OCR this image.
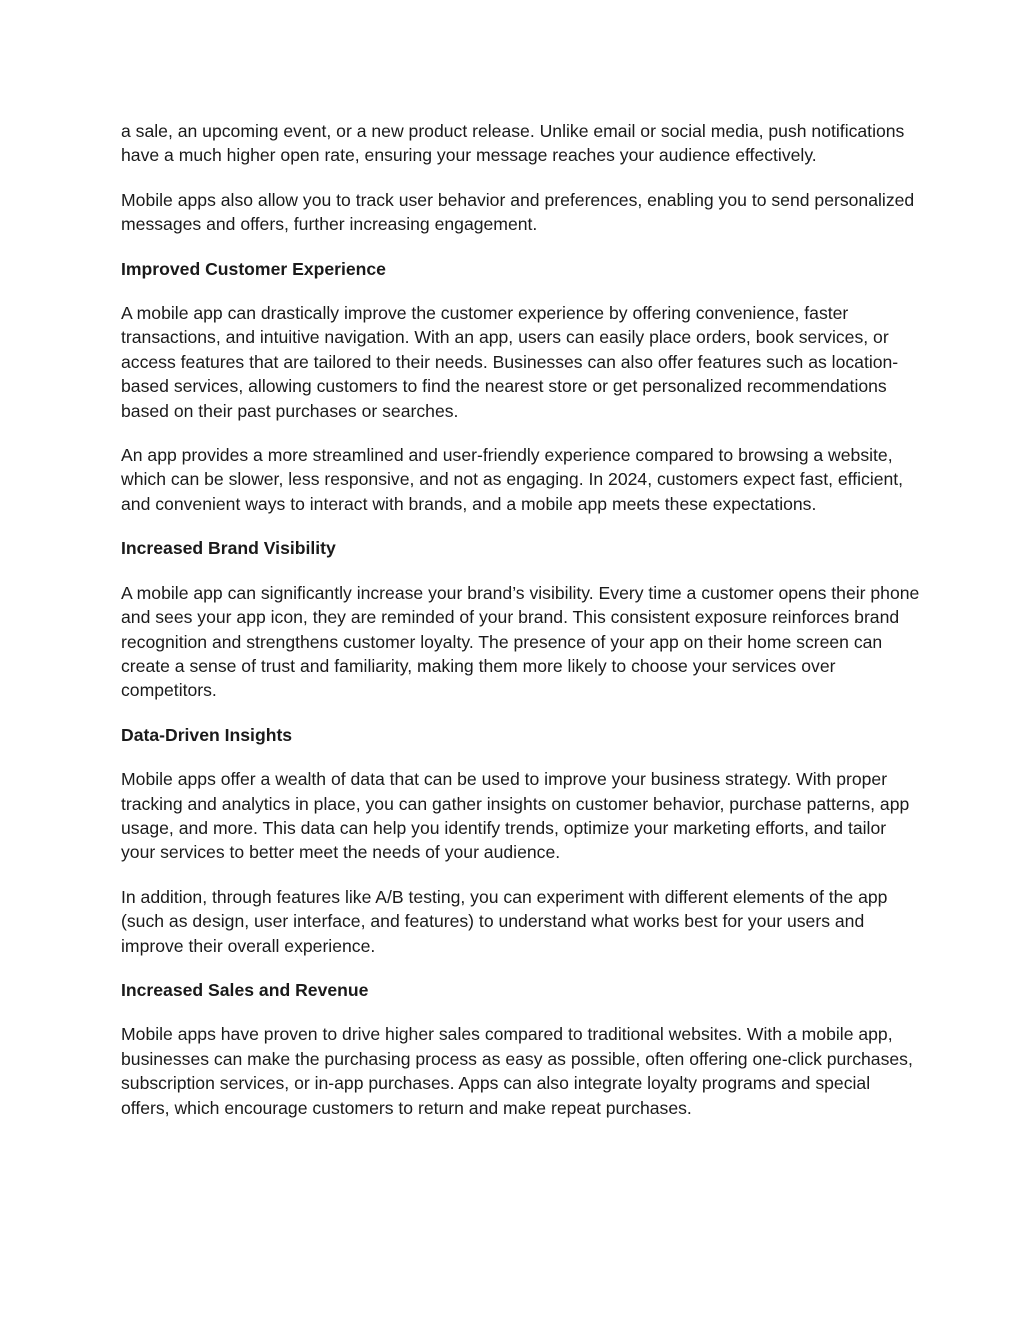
a sale, an upcoming event, or a new product release. Unlike email or social media, push notifications have a much higher open rate, ensuring your message reaches your audience effectively.

Mobile apps also allow you to track user behavior and preferences, enabling you to send personalized messages and offers, further increasing engagement.

Improved Customer Experience

A mobile app can drastically improve the customer experience by offering convenience, faster transactions, and intuitive navigation. With an app, users can easily place orders, book services, or access features that are tailored to their needs. Businesses can also offer features such as location-based services, allowing customers to find the nearest store or get personalized recommendations based on their past purchases or searches.

An app provides a more streamlined and user-friendly experience compared to browsing a website, which can be slower, less responsive, and not as engaging. In 2024, customers expect fast, efficient, and convenient ways to interact with brands, and a mobile app meets these expectations.

Increased Brand Visibility

A mobile app can significantly increase your brand’s visibility. Every time a customer opens their phone and sees your app icon, they are reminded of your brand. This consistent exposure reinforces brand recognition and strengthens customer loyalty. The presence of your app on their home screen can create a sense of trust and familiarity, making them more likely to choose your services over competitors.

Data-Driven Insights

Mobile apps offer a wealth of data that can be used to improve your business strategy. With proper tracking and analytics in place, you can gather insights on customer behavior, purchase patterns, app usage, and more. This data can help you identify trends, optimize your marketing efforts, and tailor your services to better meet the needs of your audience.

In addition, through features like A/B testing, you can experiment with different elements of the app (such as design, user interface, and features) to understand what works best for your users and improve their overall experience.

Increased Sales and Revenue

Mobile apps have proven to drive higher sales compared to traditional websites. With a mobile app, businesses can make the purchasing process as easy as possible, often offering one-click purchases, subscription services, or in-app purchases. Apps can also integrate loyalty programs and special offers, which encourage customers to return and make repeat purchases.
